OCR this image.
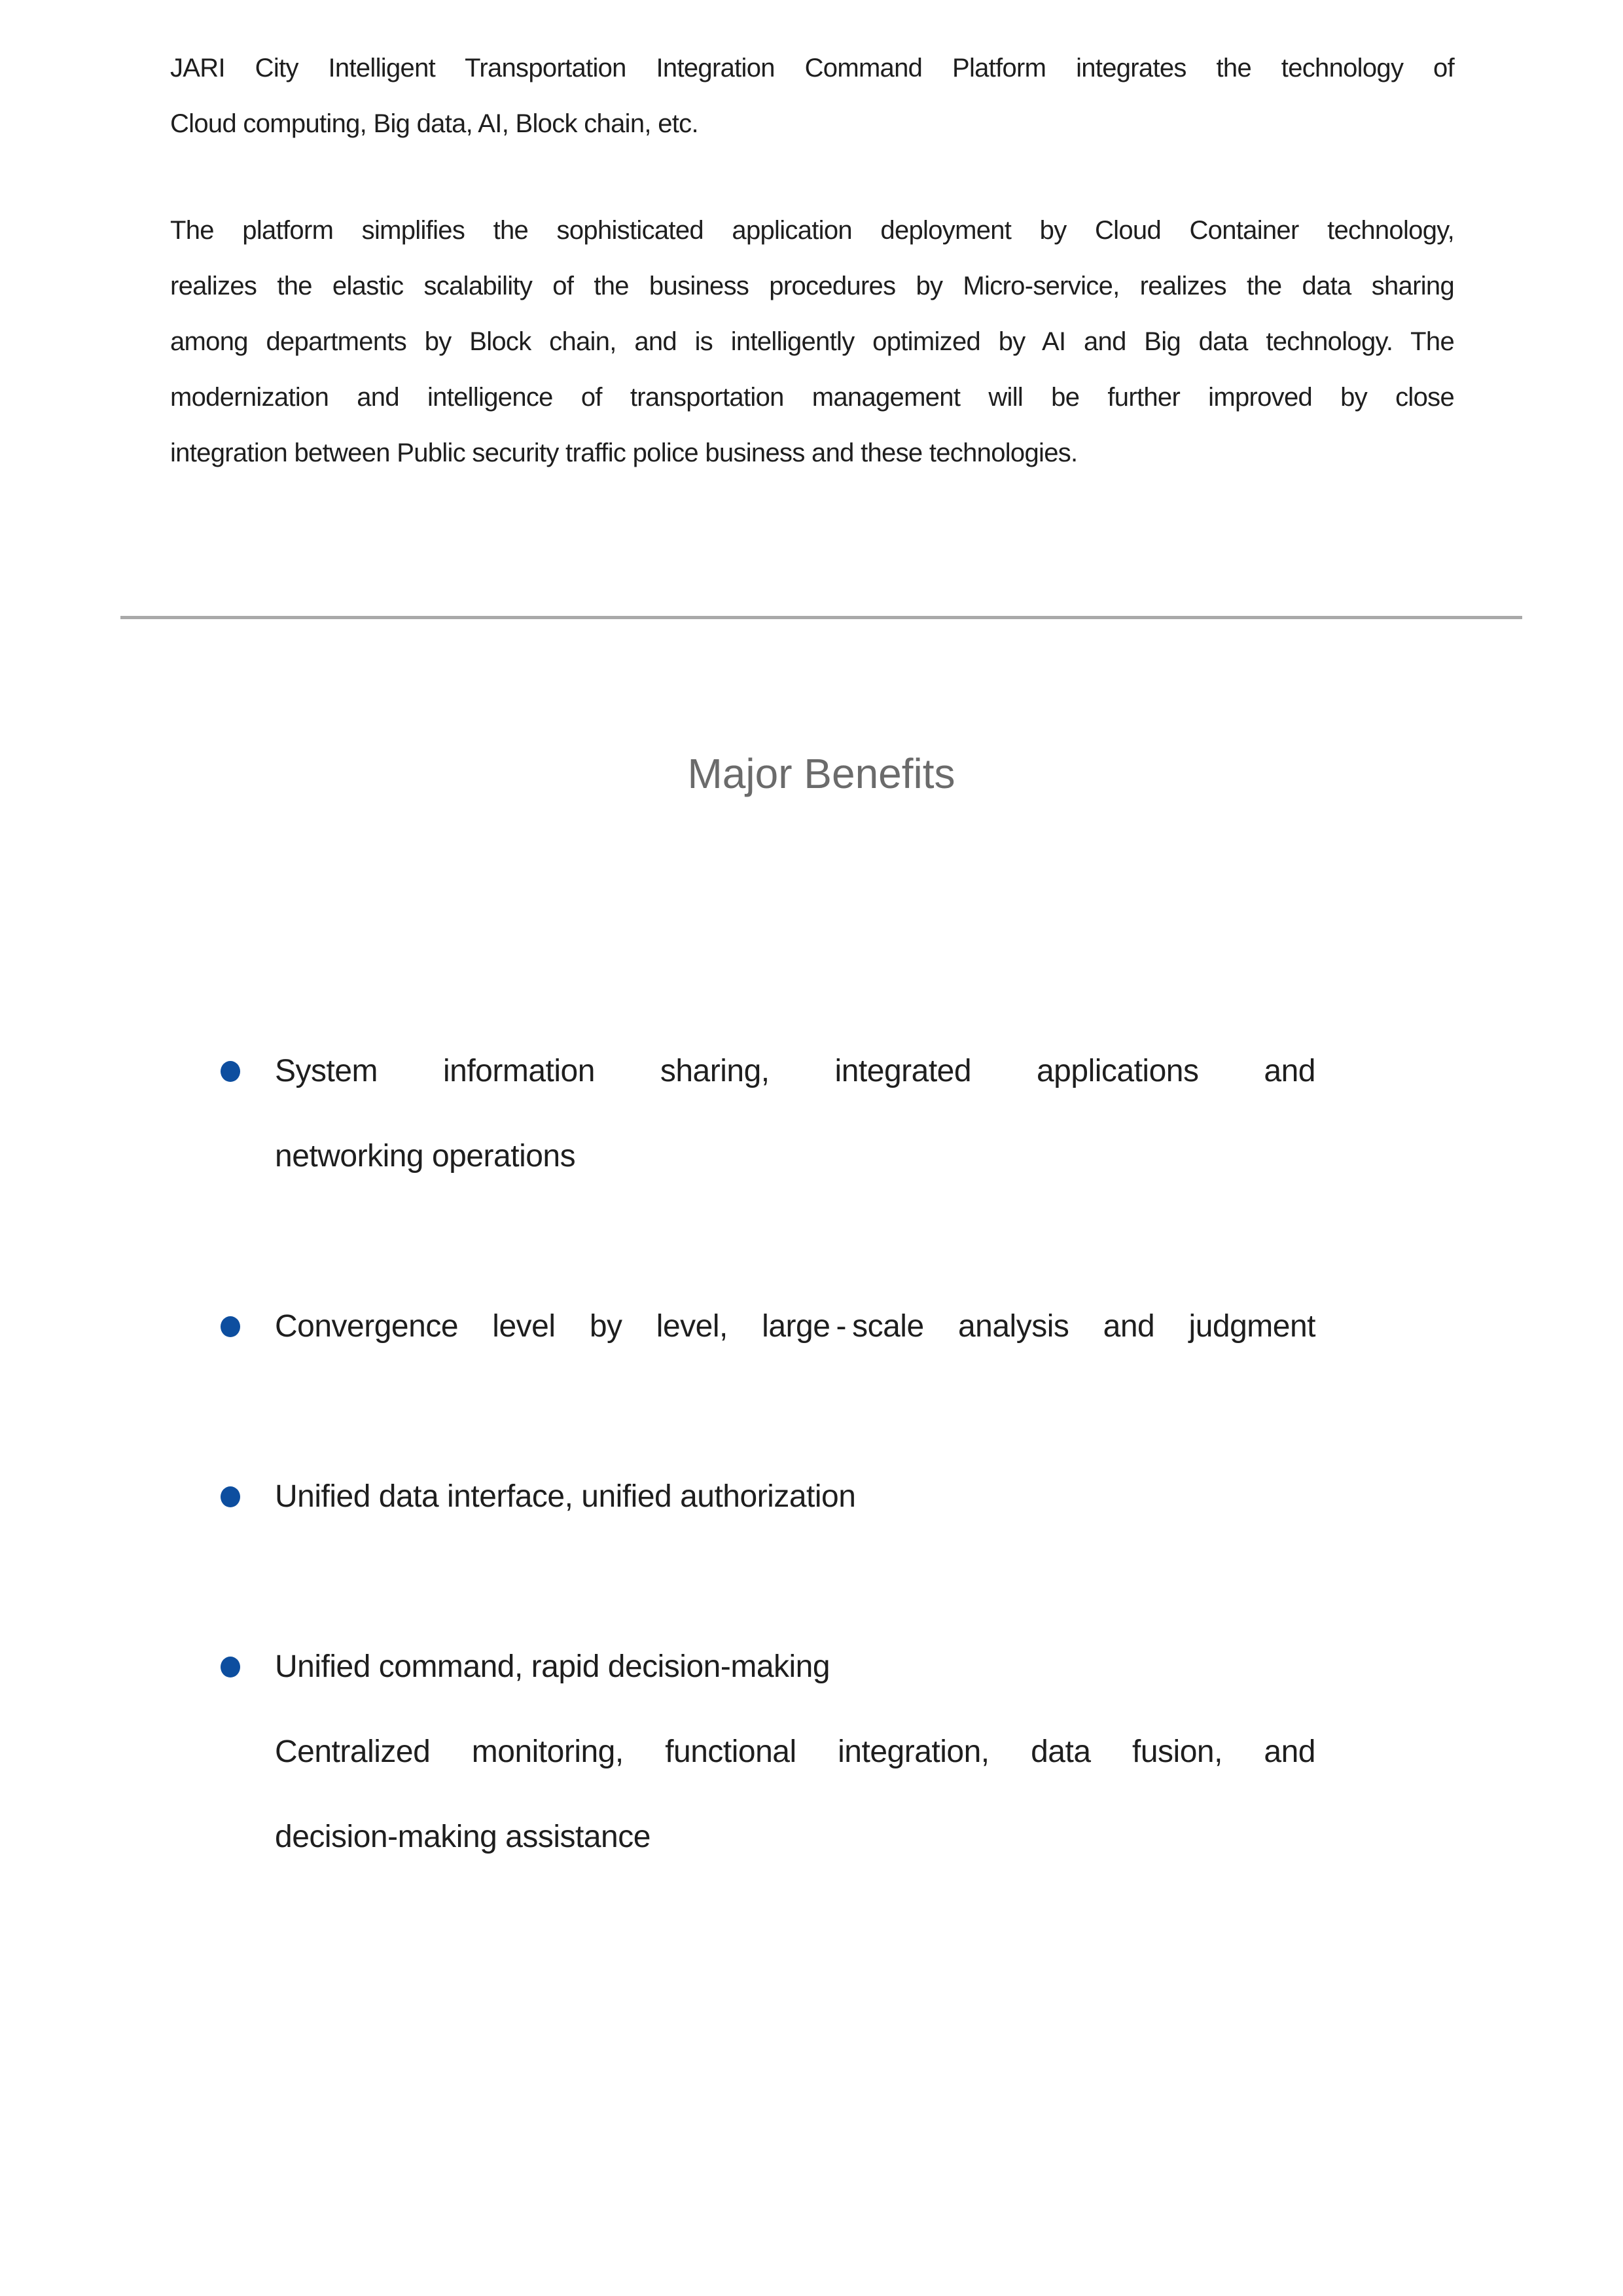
JARI City Intelligent Transportation Integration Command Platform integrates the technology of
Cloud computing, Big data, AI, Block chain, etc.
The platform simplifies the sophisticated application deployment by Cloud Container technology,
realizes the elastic scalability of the business procedures by Micro-service, realizes the data sharing
among departments by Block chain, and is intelligently optimized by AI and Big data technology. The
modernization and intelligence of transportation management will be further improved by close
integration between Public security traffic police business and these technologies.
Major Benefits
System information sharing, integrated applications and
networking operations
Convergence level by level, large - scale analysis and judgment
Unified data interface, unified authorization
Unified command, rapid decision-making
Centralized monitoring, functional integration, data fusion, and
decision-making assistance
